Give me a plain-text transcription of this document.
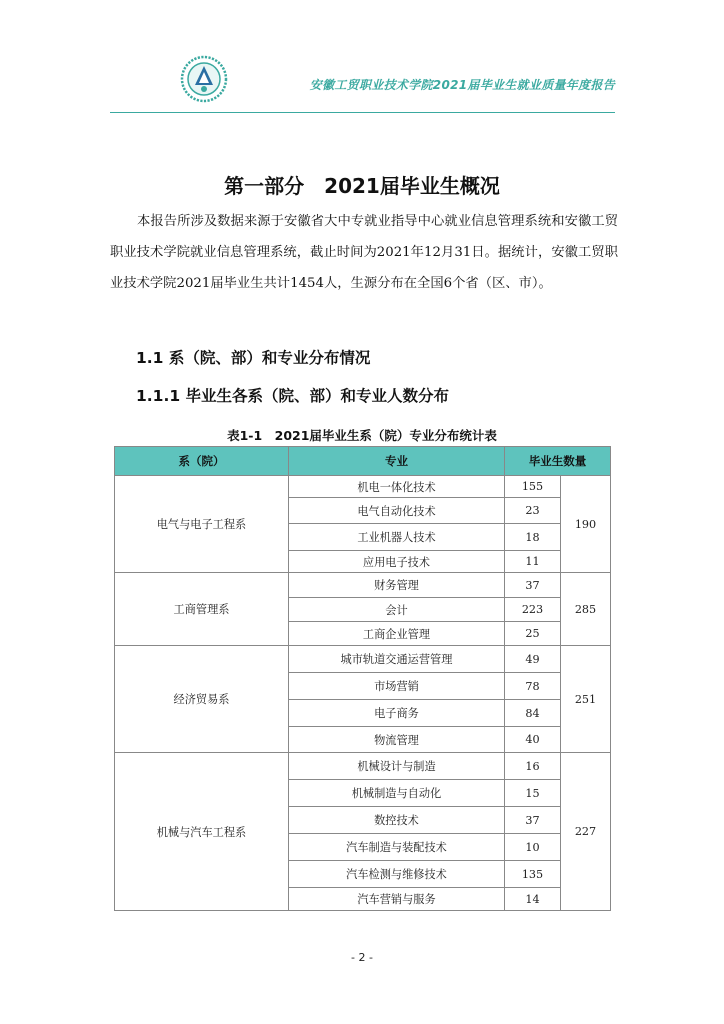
安徽工贸职业技术学院2021届毕业生就业质量年度报告
第一部分　2021届毕业生概况
本报告所涉及数据来源于安徽省大中专就业指导中心就业信息管理系统和安徽工贸职业技术学院就业信息管理系统，截止时间为2021年12月31日。据统计，安徽工贸职业技术学院2021届毕业生共计1454人，生源分布在全国6个省（区、市）。
1.1 系（院、部）和专业分布情况
1.1.1 毕业生各系（院、部）和专业人数分布
表1-1　2021届毕业生系（院）专业分布统计表
系（院）	专业	毕业生数量	
电气与电子工程系	机电一体化技术	155	190
	电气自动化技术	23	
	工业机器人技术	18	
	应用电子技术	11	
工商管理系	财务管理	37	285
	会计	223	
	工商企业管理	25	
经济贸易系	城市轨道交通运营管理	49	251
	市场营销	78	
	电子商务	84	
	物流管理	40	
机械与汽车工程系	机械设计与制造	16	227
	机械制造与自动化	15	
	数控技术	37	
	汽车制造与装配技术	10	
	汽车检测与维修技术	135	
	汽车营销与服务	14	
- 2 -
